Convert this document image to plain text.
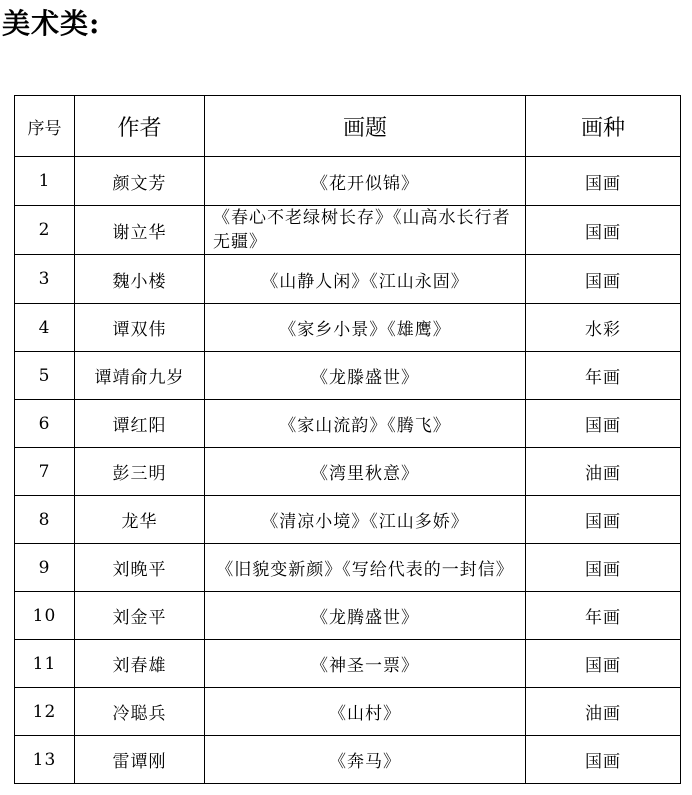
美术类:
序号	作者	画题	画种
1	颜文芳	《花开似锦》	国画
2	谢立华	《春心不老绿树长存》《山高水长行者无疆》	国画
3	魏小楼	《山静人闲》《江山永固》	国画
4	谭双伟	《家乡小景》《雄鹰》	水彩
5	谭靖俞九岁	《龙滕盛世》	年画
6	谭红阳	《家山流韵》《腾飞》	国画
7	彭三明	《湾里秋意》	油画
8	龙华	《清凉小境》《江山多娇》	国画
9	刘晚平	《旧貌变新颜》《写给代表的一封信》	国画
10	刘金平	《龙腾盛世》	年画
11	刘春雄	《神圣一票》	国画
12	冷聪兵	《山村》	油画
13	雷谭刚	《奔马》	国画
